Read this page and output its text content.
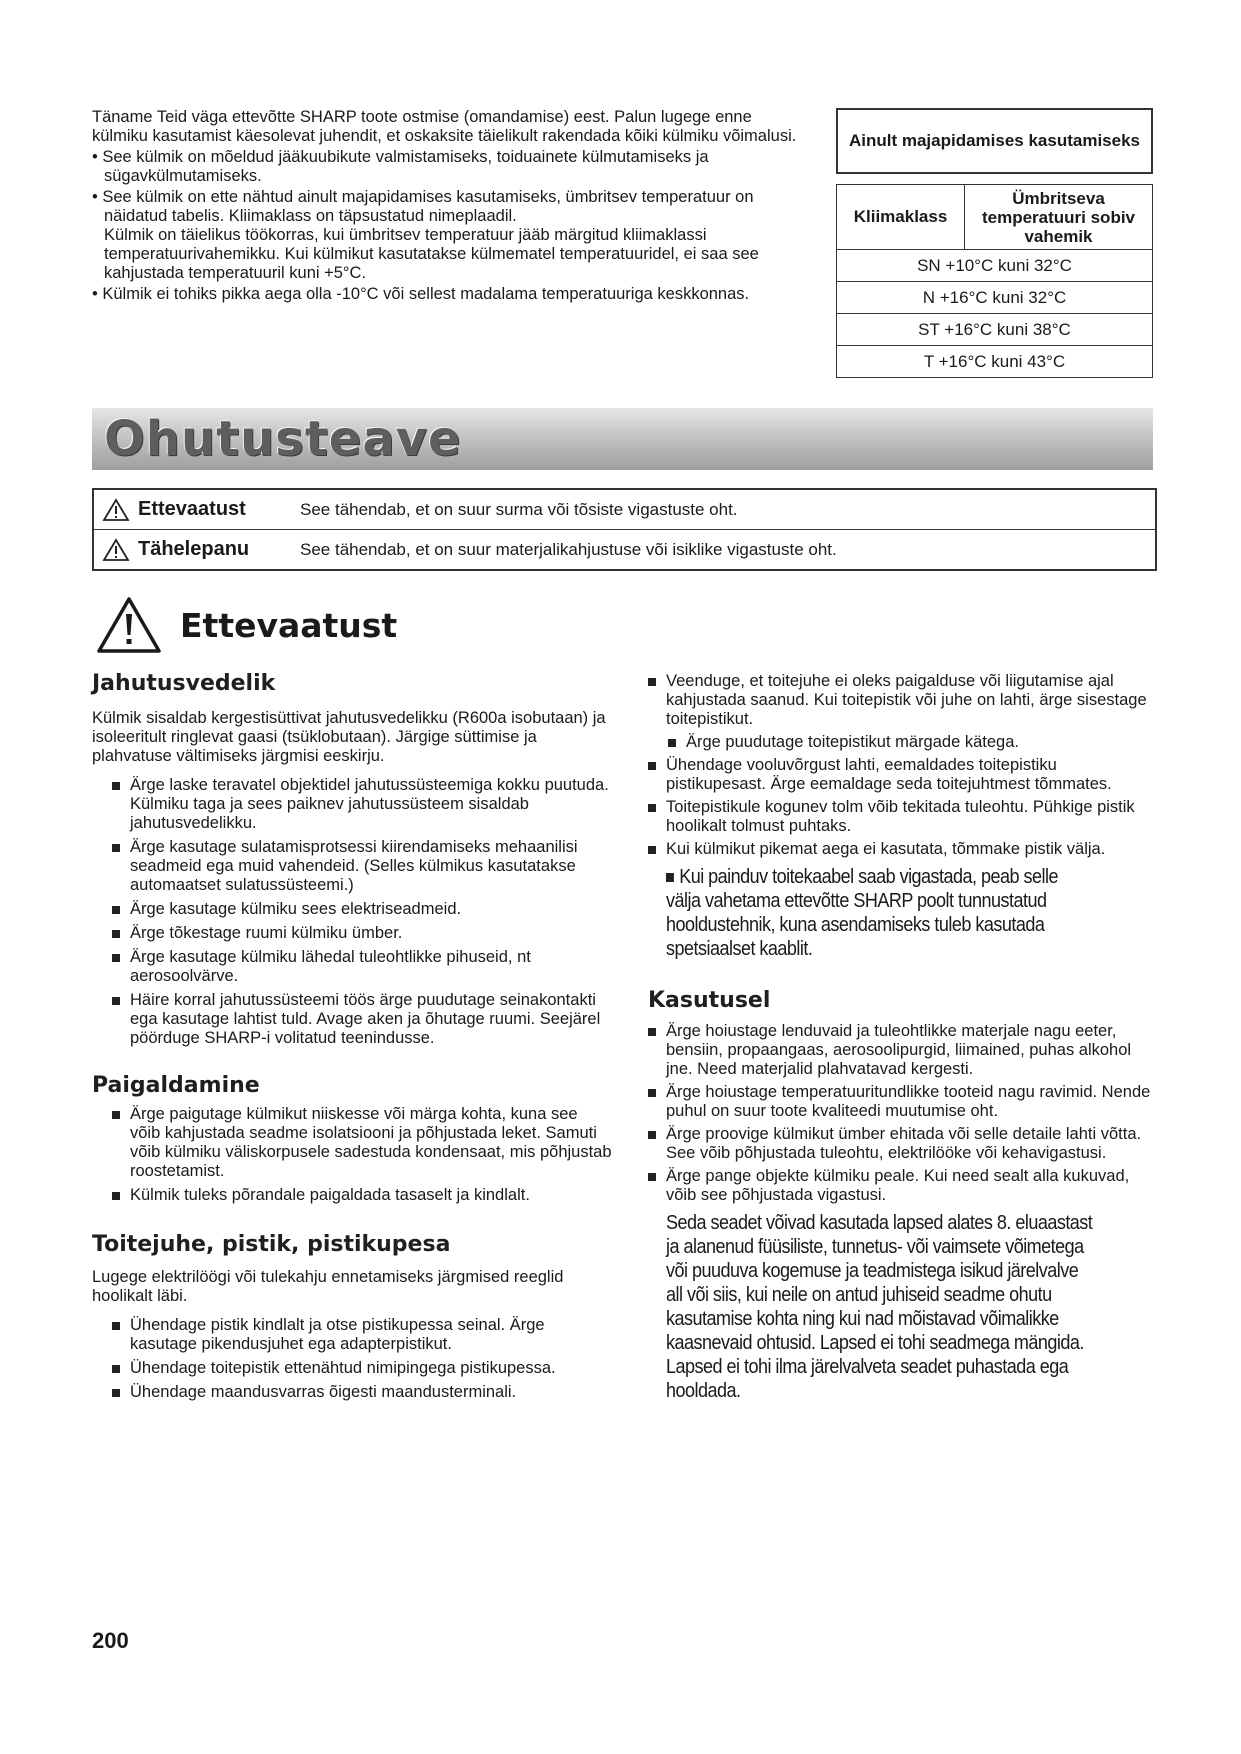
Täname Teid väga ettevõtte SHARP toote ostmise (omandamise) eest. Palun lugege enne külmiku kasutamist käesolevat juhendit, et oskaksite täielikult rakendada kõiki külmiku võimalusi.

• See külmik on mõeldud jääkuubikute valmistamiseks, toiduainete külmutamiseks ja sügavkülmutamiseks.

• See külmik on ette nähtud ainult majapidamises kasutamiseks, ümbritsev temperatuur on näidatud tabelis. Kliimaklass on täpsustatud nimeplaadil.

Külmik on täielikus töökorras, kui ümbritsev temperatuur jääb märgitud kliimaklassi temperatuurivahemikku. Kui külmikut kasutatakse külmematel temperatuuridel, ei saa see kahjustada temperatuuril kuni +5°C.

• Külmik ei tohiks pikka aega olla -10°C või sellest madalama temperatuuriga keskkonnas.

Ainult majapidamises kasutamiseks
Kliimaklass	Ümbritseva temperatuuri sobiv vahemik
SN +10°C kuni 32°C
N +16°C kuni 32°C
ST +16°C kuni 38°C
T +16°C kuni 43°C
Ohutusteave
Ettevaatust	See tähendab, et on suur surma või tõsiste vigastuste oht.
Tähelepanu	See tähendab, et on suur materjalikahjustuse või isiklike vigastuste oht.
Ettevaatust
Jahutusvedelik

Külmik sisaldab kergestisüttivat jahutusvedelikku (R600a isobutaan) ja isoleeritult ringlevat gaasi (tsüklobutaan). Järgige süttimise ja plahvatuse vältimiseks järgmisi eeskirju.

Ärge laske teravatel objektidel jahutussüsteemiga kokku puutuda. Külmiku taga ja sees paiknev jahutussüsteem sisaldab jahutusvedelikku.

Ärge kasutage sulatamisprotsessi kiirendamiseks mehaanilisi seadmeid ega muid vahendeid. (Selles külmikus kasutatakse automaatset sulatussüsteemi.)

Ärge kasutage külmiku sees elektriseadmeid.

Ärge tõkestage ruumi külmiku ümber.

Ärge kasutage külmiku lähedal tuleohtlikke pihuseid, nt aerosoolvärve.

Häire korral jahutussüsteemi töös ärge puudutage seinakontakti ega kasutage lahtist tuld. Avage aken ja õhutage ruumi. Seejärel pöörduge SHARP-i volitatud teenindusse.

Paigaldamine

Ärge paigutage külmikut niiskesse või märga kohta, kuna see võib kahjustada seadme isolatsiooni ja põhjustada leket. Samuti võib külmiku väliskorpusele sadestuda kondensaat, mis põhjustab roostetamist.

Külmik tuleks põrandale paigaldada tasaselt ja kindlalt.

Toitejuhe, pistik, pistikupesa

Lugege elektrilöögi või tulekahju ennetamiseks järgmised reeglid hoolikalt läbi.

Ühendage pistik kindlalt ja otse pistikupessa seinal. Ärge kasutage pikendusjuhet ega adapterpistikut.

Ühendage toitepistik ettenähtud nimipingega pistikupessa.

Ühendage maandusvarras õigesti maandusterminali.

Veenduge, et toitejuhe ei oleks paigalduse või liigutamise ajal kahjustada saanud. Kui toitepistik või juhe on lahti, ärge sisestage toitepistikut.

Ärge puudutage toitepistikut märgade kätega.

Ühendage vooluvõrgust lahti, eemaldades toitepistiku pistikupesast. Ärge eemaldage seda toitejuhtmest tõmmates.

Toitepistikule kogunev tolm võib tekitada tuleohtu. Pühkige pistik hoolikalt tolmust puhtaks.

Kui külmikut pikemat aega ei kasutata, tõmmake pistik välja.

Kui painduv toitekaabel saab vigastada, peab selle välja vahetama ettevõtte SHARP poolt tunnustatud hooldustehnik, kuna asendamiseks tuleb kasutada spetsiaalset kaablit.
Kasutusel

Ärge hoiustage lenduvaid ja tuleohtlikke materjale nagu eeter, bensiin, propaangaas, aerosoolipurgid, liimained, puhas alkohol jne. Need materjalid plahvatavad kergesti.

Ärge hoiustage temperatuuritundlikke tooteid nagu ravimid. Nende puhul on suur toote kvaliteedi muutumise oht.

Ärge proovige külmikut ümber ehitada või selle detaile lahti võtta. See võib põhjustada tuleohtu, elektrilööke või kehavigastusi.

Ärge pange objekte külmiku peale. Kui need sealt alla kukuvad, võib see põhjustada vigastusi.

Seda seadet võivad kasutada lapsed alates 8. eluaastast ja alanenud füüsiliste, tunnetus- või vaimsete võimetega või puuduva kogemuse ja teadmistega isikud järelvalve all või siis, kui neile on antud juhiseid seadme ohutu kasutamise kohta ning kui nad mõistavad võimalikke kaasnevaid ohtusid. Lapsed ei tohi seadmega mängida. Lapsed ei tohi ilma järelvalveta seadet puhastada ega hooldada.
200
